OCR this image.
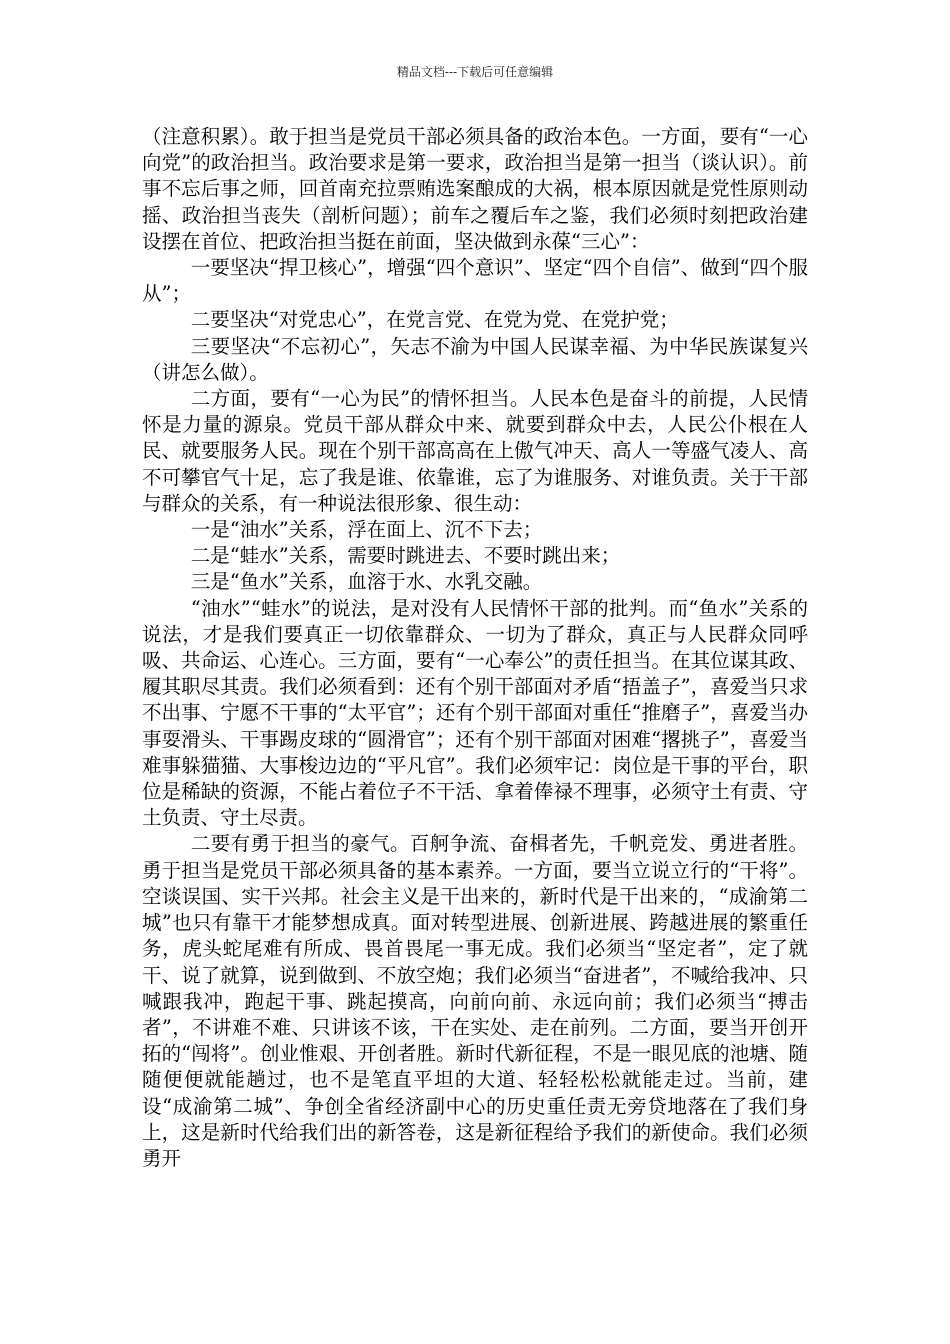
精品文档---下载后可任意编辑

（注意积累）。敢于担当是党员干部必须具备的政治本色。一方面，要有“一心向党”的政治担当。政治要求是第一要求，政治担当是第一担当（谈认识）。前事不忘后事之师，回首南充拉票贿选案酿成的大祸，根本原因就是党性原则动摇、政治担当丧失（剖析问题）；前车之覆后车之鉴，我们必须时刻把政治建设摆在首位、把政治担当挺在前面，坚决做到永葆“三心”：

一要坚决“捍卫核心”，增强“四个意识”、坚定“四个自信”、做到“四个服从”；

二要坚决“对党忠心”，在党言党、在党为党、在党护党；

三要坚决“不忘初心”，矢志不渝为中国人民谋幸福、为中华民族谋复兴（讲怎么做）。

二方面，要有“一心为民”的情怀担当。人民本色是奋斗的前提，人民情怀是力量的源泉。党员干部从群众中来、就要到群众中去，人民公仆根在人民、就要服务人民。现在个别干部高高在上傲气冲天、高人一等盛气凌人、高不可攀官气十足，忘了我是谁、依靠谁，忘了为谁服务、对谁负责。关于干部与群众的关系，有一种说法很形象、很生动：

一是“油水”关系，浮在面上、沉不下去；

二是“蛙水”关系，需要时跳进去、不要时跳出来；

三是“鱼水”关系，血溶于水、水乳交融。

“油水”“蛙水”的说法，是对没有人民情怀干部的批判。而“鱼水”关系的说法，才是我们要真正一切依靠群众、一切为了群众，真正与人民群众同呼吸、共命运、心连心。三方面，要有“一心奉公”的责任担当。在其位谋其政、履其职尽其责。我们必须看到：还有个别干部面对矛盾“捂盖子”，喜爱当只求不出事、宁愿不干事的“太平官”；还有个别干部面对重任“推磨子”，喜爱当办事耍滑头、干事踢皮球的“圆滑官”；还有个别干部面对困难“撂挑子”，喜爱当难事躲猫猫、大事梭边边的“平凡官”。我们必须牢记：岗位是干事的平台，职位是稀缺的资源，不能占着位子不干活、拿着俸禄不理事，必须守土有责、守土负责、守土尽责。

二要有勇于担当的豪气。百舸争流、奋楫者先，千帆竞发、勇进者胜。勇于担当是党员干部必须具备的基本素养。一方面，要当立说立行的“干将”。空谈误国、实干兴邦。社会主义是干出来的，新时代是干出来的，“成渝第二城”也只有靠干才能梦想成真。面对转型进展、创新进展、跨越进展的繁重任务，虎头蛇尾难有所成、畏首畏尾一事无成。我们必须当“坚定者”，定了就干、说了就算，说到做到、不放空炮；我们必须当“奋进者”，不喊给我冲、只喊跟我冲，跑起干事、跳起摸高，向前向前、永远向前；我们必须当“搏击者”，不讲难不难、只讲该不该，干在实处、走在前列。二方面，要当开创开拓的“闯将”。创业惟艰、开创者胜。新时代新征程，不是一眼见底的池塘、随随便便就能趟过，也不是笔直平坦的大道、轻轻松松就能走过。当前，建设“成渝第二城”、争创全省经济副中心的历史重任责无旁贷地落在了我们身上，这是新时代给我们出的新答卷，这是新征程给予我们的新使命。我们必须勇开
